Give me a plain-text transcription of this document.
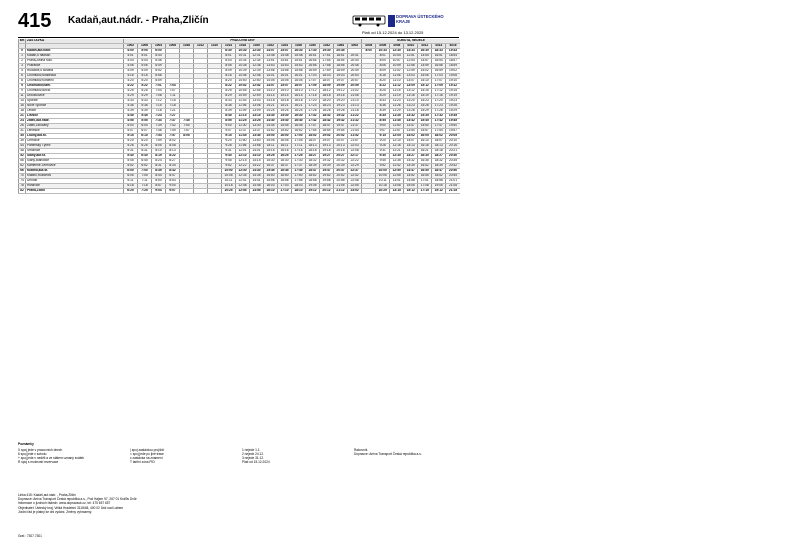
415 Kadaň,aut.nádr. - Praha,Zličín	DOPRAVA ÚSTECKÉHO KRAJE
Platí od 15.12.2024 do 13.12.2025
km	ZASTÁVKA	PRACOVNÍ DNY																	SOBOTA, NEDĚLE						
		1002	1006	1004	1008	1038	1012	1310	1014	1018	1020	1022	1024	1026	1030	1032	1084	4002	4004	4006	4008	4010	4012	4014	4016
0	Kadaň,aut.nádr.	4:00	5:05	6:00					6:30	10:30	12:30	14:07	15:07	16:30	17:30	19:30	20:45		8:00	10:33	12:30	14:33	16:30	18:33	19:33
1	Kadaň,u nádraží	4:01	5:01	6:44					8:01	10:31	12:31	13:48	14:48	15:48	16:51	17:51	18:51	20:41		8:01	10:54	12:51	14:54	16:51	18:54
2	Praha,Želina rozc.	4:04	5:04	6:46					8:04	10:34	12:34	13:51	14:51	15:51	16:54	17:54	18:54	20:44		8:04	10:57	12:54	14:57	16:54	18:57
3	Pokratice	4:06	5:06	6:49					8:06	10:36	12:36	13:53	14:53	15:53	16:56	17:56	18:56	20:46		8:06	10:59	12:56	14:59	16:56	18:59
4	Rudolice,u kostela	4:09	5:09	6:52					8:09	10:39	12:39	13:56	14:56	15:56	16:59	17:59	18:59	20:49		8:09	11:02	12:59	15:02	16:59	19:02
6	Chomutov,Mostecká	4:16	5:16	6:56					8:16	10:46	12:46	14:01	15:01	16:01	17:03	18:03	19:03	20:53		8:16	11:06	13:03	15:06	17:03	19:06
8	Chomutov,Kostelní	4:20	5:20	6:59					8:20	10:50	12:50	14:05	15:05	16:05	17:07	18:07	19:07	20:57		8:20	11:10	13:07	15:10	17:07	19:10
9	Chomutov,nám.	4:22	5:22	7:01	7:04				8:22	10:52	12:52	14:07	15:07	16:07	17:09	18:09	19:09	20:59		8:22	11:12	13:09	15:12	17:09	19:12
9	Chomutov,aut.st.	4:25	5:25	7:04	7:07				8:25	10:55	12:55	14:10	15:10	16:10	17:12	18:12	19:12	21:02		8:25	11:15	13:12	15:15	17:12	19:15
11	Droužkovice	4:29	5:29	7:08	7:11				8:29	10:59	12:59	14:14	15:14	16:14	17:16	18:16	19:16	21:06		8:29	11:19	13:16	15:19	17:16	19:19
14	Spořice	4:33	5:33	7:12	7:15				8:33	11:03	13:03	14:18	15:18	16:18	17:20	18:20	19:20	21:10		8:33	11:23	13:20	15:23	17:20	19:23
16	Nové Spořice	4:36	5:36	7:15	7:18				8:36	11:06	13:06	14:21	15:21	16:21	17:23	18:23	19:23	21:13		8:36	11:26	13:23	15:26	17:23	19:26
18	Otvice	4:39	5:39	7:18	7:21				8:39	11:09	13:09	14:24	15:24	16:24	17:26	18:26	19:26	21:16		8:39	11:29	13:26	15:29	17:26	19:29
21	Lišnice	4:45	5:45	7:24	7:27				8:45	11:15	13:15	14:30	15:30	16:30	17:32	18:32	19:32	21:22		8:45	11:35	13:32	15:35	17:32	19:35
24	Žatec,aut.nádr.	4:55	5:55	7:34	7:37	7:45			8:55	11:25	13:25	14:40	15:40	16:40	17:42	18:42	19:42	21:32		8:55	11:45	13:42	15:45	17:42	19:45
26	Žatec,Libočany	5:00	6:00	7:39	7:42	7:50			9:00	11:30	13:30	14:45	15:45	16:45	17:47	18:47	19:47	21:37		9:00	11:50	13:47	15:50	17:47	19:50
31	Lenešice	5:07	6:07	7:46	7:49	7:57			9:07	11:37	13:37	14:52	15:52	16:52	17:54	18:54	19:54	21:44		9:07	11:57	13:54	15:57	17:54	19:57
35	Louny,aut.st.	5:15	6:15	7:54	7:57	8:05			9:15	11:45	13:45	15:00	16:00	17:00	18:02	19:02	20:02	21:52		9:15	12:05	14:02	16:05	18:02	20:05
39	Černčice	5:20	6:20	7:59	8:02				9:20	11:50	13:50	15:05	16:05	17:05	18:07	19:07	20:07	21:57		9:20	12:10	14:07	16:10	18:07	20:10
44	Panenský Týnec	5:26	6:26	8:05	8:08				9:26	11:56	13:56	15:11	16:11	17:11	18:13	19:13	20:13	22:03		9:26	12:16	14:13	16:16	18:13	20:16
48	Smolnice	5:31	6:31	8:10	8:13				9:31	12:01	14:01	15:16	16:16	17:16	18:18	19:18	20:18	22:08		9:31	12:21	14:18	16:21	18:18	20:21
52	Slaný,aut.st.	5:40	6:40	8:19	8:22				9:40	12:10	14:10	15:25	16:25	17:25	18:27	19:27	20:27	22:17		9:40	12:30	14:27	16:30	18:27	20:30
56	Slaný,Blahotice	5:45	6:45	8:24	8:27				9:45	12:15	14:15	15:30	16:30	17:30	18:32	19:32	20:32	22:22		9:45	12:35	14:32	16:35	18:32	20:35
62	Kamenné Žehrovice	5:52	6:52	8:31	8:34				9:52	12:22	14:22	15:37	16:37	17:37	18:39	19:39	20:39	22:29		9:52	12:42	14:39	16:42	18:39	20:42
66	Kladno,aut.st.	6:00	7:00	8:39	8:42				10:00	12:30	14:30	15:45	16:45	17:45	18:47	19:47	20:47	22:37		10:00	12:50	14:47	16:50	18:47	20:50
70	Kladno,Rozdělov	6:05	7:05	8:44	8:47				10:05	12:35	14:35	15:50	16:50	17:50	18:52	19:52	20:52	22:42		10:05	12:55	14:52	16:55	18:52	20:55
74	Unhošť	6:11	7:11	8:50	8:53				10:11	12:41	14:41	15:56	16:56	17:56	18:58	19:58	20:58	22:48		10:11	13:01	14:58	17:01	18:58	21:01
78	Hostivice	6:18	7:18	8:57	9:00				10:18	12:48	14:48	16:03	17:03	18:03	19:05	20:05	21:05	22:55		10:18	13:08	15:05	17:08	19:05	21:08
82	Praha,Zličín	6:25	7:25	9:04	9:07				10:25	12:55	14:55	16:10	17:10	18:10	19:12	20:12	21:12	23:02		10:25	13:15	15:12	17:15	19:12	21:15
Poznámky
X spoj jede v pracovních dnech
6 spoj jede v sobotu
+ spoj jede v neděli a ve státem uznaný svátek
R spoj s možností rezervace
| spoj zastávkou projíždí
< spoj jede po jiné trase
x zastávka na znamení
T tarifní zóna PID
1 nejede 1.1.
2 nejede 24.12.
3 nejede 31.12.
Platí od 15.12.2024
Rakovník
Dopravce: Arriva Transport Česká republika a.s.
Linka 415: Kadaň,aut.nádr. - Praha,Zličín
Dopravce: Arriva Transport Česká republika a.s., Pod Hájem 97, 267 01 Králův Dvůr
Informace o jízdních řádech: www.dopravauk.cz, tel. 475 657 657
Objednatel: Ústecký kraj, Velká Hradební 3118/48, 400 02 Ústí nad Labem
Jízdní řád je platný ke dni vydání. Změny vyhrazeny.
Graf.: 7307.7301
